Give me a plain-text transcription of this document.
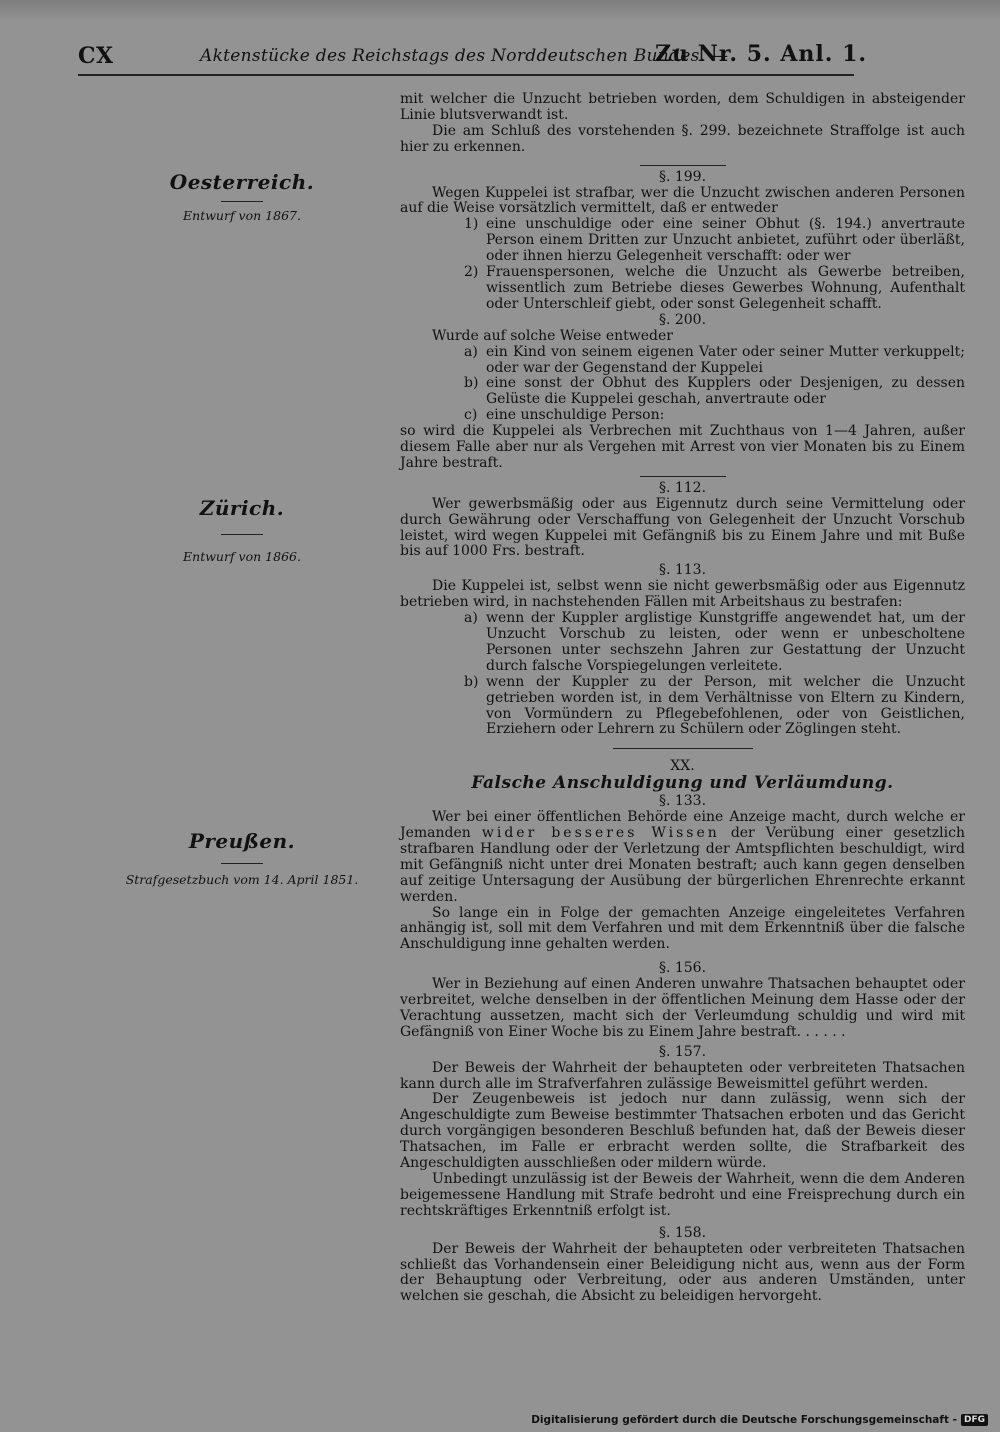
CX	Aktenstücke des Reichstags des Norddeutschen Bundes. —
Zu Nr. 5. Anl. 1.
Oesterreich.
Entwurf von 1867.
Zürich.
Entwurf von 1866.
Preußen.
Strafgesetzbuch vom 14. April 1851.

mit welcher die Unzucht betrieben worden, dem Schuldigen in absteigender Linie blutsverwandt ist.

Die am Schluß des vorstehenden §. 299. bezeichnete Straffolge ist auch hier zu erkennen.

§. 199.

Wegen Kuppelei ist strafbar, wer die Unzucht zwischen anderen Personen auf die Weise vorsätzlich vermittelt, daß er entweder

1) eine unschuldige oder eine seiner Obhut (§. 194.) anvertraute Person einem Dritten zur Unzucht anbietet, zuführt oder überläßt, oder ihnen hierzu Gelegenheit verschafft: oder wer
2) Frauenspersonen, welche die Unzucht als Gewerbe betreiben, wissentlich zum Betriebe dieses Gewerbes Wohnung, Aufenthalt oder Unterschleif giebt, oder sonst Gelegenheit schafft.

§. 200.

Wurde auf solche Weise entweder

a) ein Kind von seinem eigenen Vater oder seiner Mutter verkuppelt; oder war der Gegenstand der Kuppelei
b) eine sonst der Obhut des Kupplers oder Desjenigen, zu dessen Gelüste die Kuppelei geschah, anvertraute oder
c) eine unschuldige Person:

so wird die Kuppelei als Verbrechen mit Zuchthaus von 1—4 Jahren, außer diesem Falle aber nur als Vergehen mit Arrest von vier Monaten bis zu Einem Jahre bestraft.

§. 112.

Wer gewerbsmäßig oder aus Eigennutz durch seine Vermittelung oder durch Gewährung oder Verschaffung von Gelegenheit der Unzucht Vorschub leistet, wird wegen Kuppelei mit Gefängniß bis zu Einem Jahre und mit Buße bis auf 1000 Frs. bestraft.

§. 113.

Die Kuppelei ist, selbst wenn sie nicht gewerbsmäßig oder aus Eigennutz betrieben wird, in nachstehenden Fällen mit Arbeitshaus zu bestrafen:

a) wenn der Kuppler arglistige Kunstgriffe angewendet hat, um der Unzucht Vorschub zu leisten, oder wenn er unbescholtene Personen unter sechszehn Jahren zur Gestattung der Unzucht durch falsche Vorspiegelungen verleitete.
b) wenn der Kuppler zu der Person, mit welcher die Unzucht getrieben worden ist, in dem Verhältnisse von Eltern zu Kindern, von Vormündern zu Pflegebefohlenen, oder von Geistlichen, Erziehern oder Lehrern zu Schülern oder Zöglingen steht.

XX.

Falsche Anschuldigung und Verläumdung.

§. 133.

Wer bei einer öffentlichen Behörde eine Anzeige macht, durch welche er Jemanden wider besseres Wissen der Verübung einer gesetzlich strafbaren Handlung oder der Verletzung der Amtspflichten beschuldigt, wird mit Gefängniß nicht unter drei Monaten bestraft; auch kann gegen denselben auf zeitige Untersagung der Ausübung der bürgerlichen Ehrenrechte erkannt werden.

So lange ein in Folge der gemachten Anzeige eingeleitetes Verfahren anhängig ist, soll mit dem Verfahren und mit dem Erkenntniß über die falsche Anschuldigung inne gehalten werden.

§. 156.

Wer in Beziehung auf einen Anderen unwahre Thatsachen behauptet oder verbreitet, welche denselben in der öffentlichen Meinung dem Hasse oder der Verachtung aussetzen, macht sich der Verleumdung schuldig und wird mit Gefängniß von Einer Woche bis zu Einem Jahre bestraft. . . . . .

§. 157.

Der Beweis der Wahrheit der behaupteten oder verbreiteten Thatsachen kann durch alle im Strafverfahren zulässige Beweismittel geführt werden.

Der Zeugenbeweis ist jedoch nur dann zulässig, wenn sich der Angeschuldigte zum Beweise bestimmter Thatsachen erboten und das Gericht durch vorgängigen besonderen Beschluß befunden hat, daß der Beweis dieser Thatsachen, im Falle er erbracht werden sollte, die Strafbarkeit des Angeschuldigten ausschließen oder mildern würde.

Unbedingt unzulässig ist der Beweis der Wahrheit, wenn die dem Anderen beigemessene Handlung mit Strafe bedroht und eine Freisprechung durch ein rechtskräftiges Erkenntniß erfolgt ist.

§. 158.

Der Beweis der Wahrheit der behaupteten oder verbreiteten Thatsachen schließt das Vorhandensein einer Beleidigung nicht aus, wenn aus der Form der Behauptung oder Verbreitung, oder aus anderen Umständen, unter welchen sie geschah, die Absicht zu beleidigen hervorgeht.

Digitalisierung gefördert durch die Deutsche Forschungsgemeinschaft - DFG
